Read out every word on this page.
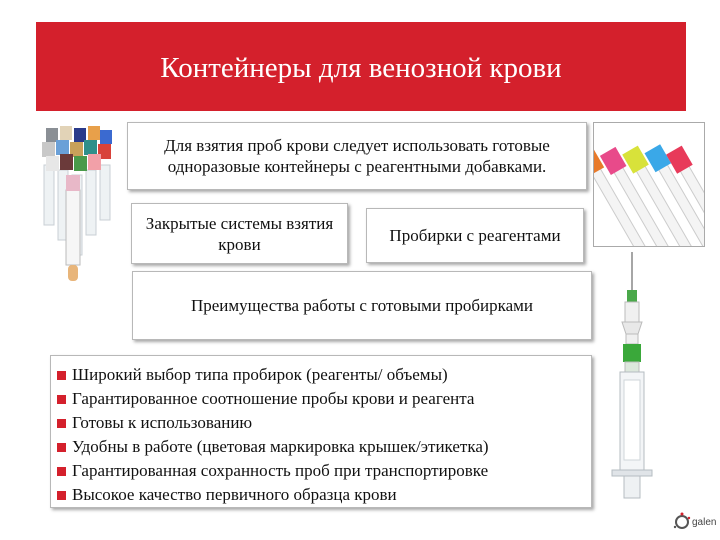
Контейнеры для венозной крови
Для взятия проб крови следует использовать готовые одноразовые контейнеры с реагентными добавками.
Закрытые системы взятия крови	Пробирки с реагентами
Преимущества работы с готовыми пробирками
Широкий выбор типа пробирок (реагенты/ объемы)
Гарантированное соотношение пробы крови и реагента
Готовы к использованию
Удобны в работе (цветовая маркировка крышек/этикетка)
Гарантированная сохранность проб при транспортировке
Высокое качество первичного образца крови
galen
